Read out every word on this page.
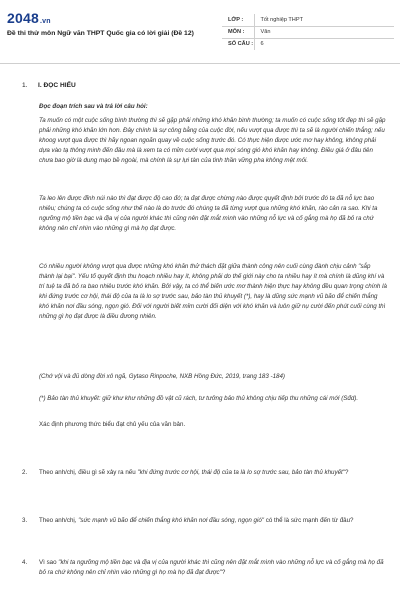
2048.vn
Đề thi thử môn Ngữ văn THPT Quốc gia có lời giải (Đề 12)
LỚP :	Tốt nghiệp THPT
MÔN :	Văn
SỐ CÂU :	6
1. I. ĐỌC HIỂU
Đọc đoạn trích sau và trả lời câu hỏi:
Ta muốn có một cuộc sống bình thường thì sẽ gặp phải những khó khăn bình thường; ta muốn có cuộc sống tốt đẹp thì sẽ gặp phải những khó khăn lớn hơn. Đây chính là sự công bằng của cuộc đời, nếu vượt qua được thì ta sẽ là người chiến thắng; nếu khoog vượt qua được thì hãy ngoan ngoãn quay về cuộc sống trước đó. Có thực hiện được ước mơ hay không, không phải dựa vào tạ thông minh đến đâu mà là xem ta có mỉm cười vượt qua mọi sóng gió khó khăn hay không. Điều giá ở đâu tiên chưa bao giờ là dung mạo bề ngoài, mà chính là sự lựi tàn của tinh thần vững pha không mệt mỏi.
Ta leo lên được đỉnh núi nào thì đạt được độ cao đó; ta đạt được chừng nào được quyết định bởi trước đó ta đã nỗ lực bao nhiêu; chúng ta có cuộc sống như thế nào là do trước đó chúng ta đã từng vượt qua những khó khăn, rào cản ra sao. Khi ta ngưỡng mộ tiền bạc và địa vị của người khác thì cũng nên đặt mắt mình vào những nỗ lực và cố gắng mà họ đã bỏ ra chứ không nên chỉ nhìn vào những gì mà họ đạt được.
Có nhiều người không vượt qua được những khó khăn thử thách đặt giữa thành công nên cuối cùng đành chịu cảnh "sắp thành lại bại". Yếu tố quyết định thu hoạch nhiều hay ít, không phải do thế giới này cho ta nhiều hay ít mà chính là dũng khí và trí tuệ ta đã bỏ ra bao nhiêu trước khó khăn. Bởi vậy, ta có thể biến ước mơ thành hiện thực hay không đều quan trọng chính là khi đứng trước cơ hội, thái độ của ta là lo sợ trước sau, bảo tàn thủ khuyết (*), hay là dũng sức mạnh vũ bão để chiến thắng khó khăn nơi đầu sóng, ngọn gió. Đối với người biết mỉm cười đối diện với khó khăn và luôn giữ nụ cười đến phút cuối cùng thì những gì họ đạt được là điều đương nhiên.
(Chớ vội và đủ dòng đời xô ngã, Gytaso Rinpoche, NXB Hồng Đức, 2019, trang 183 -184)
(*) Bảo tàn thủ khuyết: giữ khư khư những đồ vật cũ rách, tư tưởng bảo thủ không chịu tiếp thu những cái mới (Sđd).
Xác định phương thức biểu đạt chủ yếu của văn bản.
2.	Theo anh/chị, điều gì sẽ xảy ra nếu "khi đứng trước cơ hội, thái độ của ta là lo sợ trước sau, bảo tàn thủ khuyết"?
3.	Theo anh/chị, "sức mạnh vũ bão để chiến thắng khó khăn nơi đầu sóng, ngọn gió" có thể là sức mạnh đến từ đâu?
4.	Vì sao "khi ta ngưỡng mộ tiền bạc và địa vị của người khác thì cũng nên đặt mắt mình vào những nỗ lực và cố gắng mà họ đã bỏ ra chứ không nên chỉ nhìn vào những gì họ mà họ đã đạt được"?
